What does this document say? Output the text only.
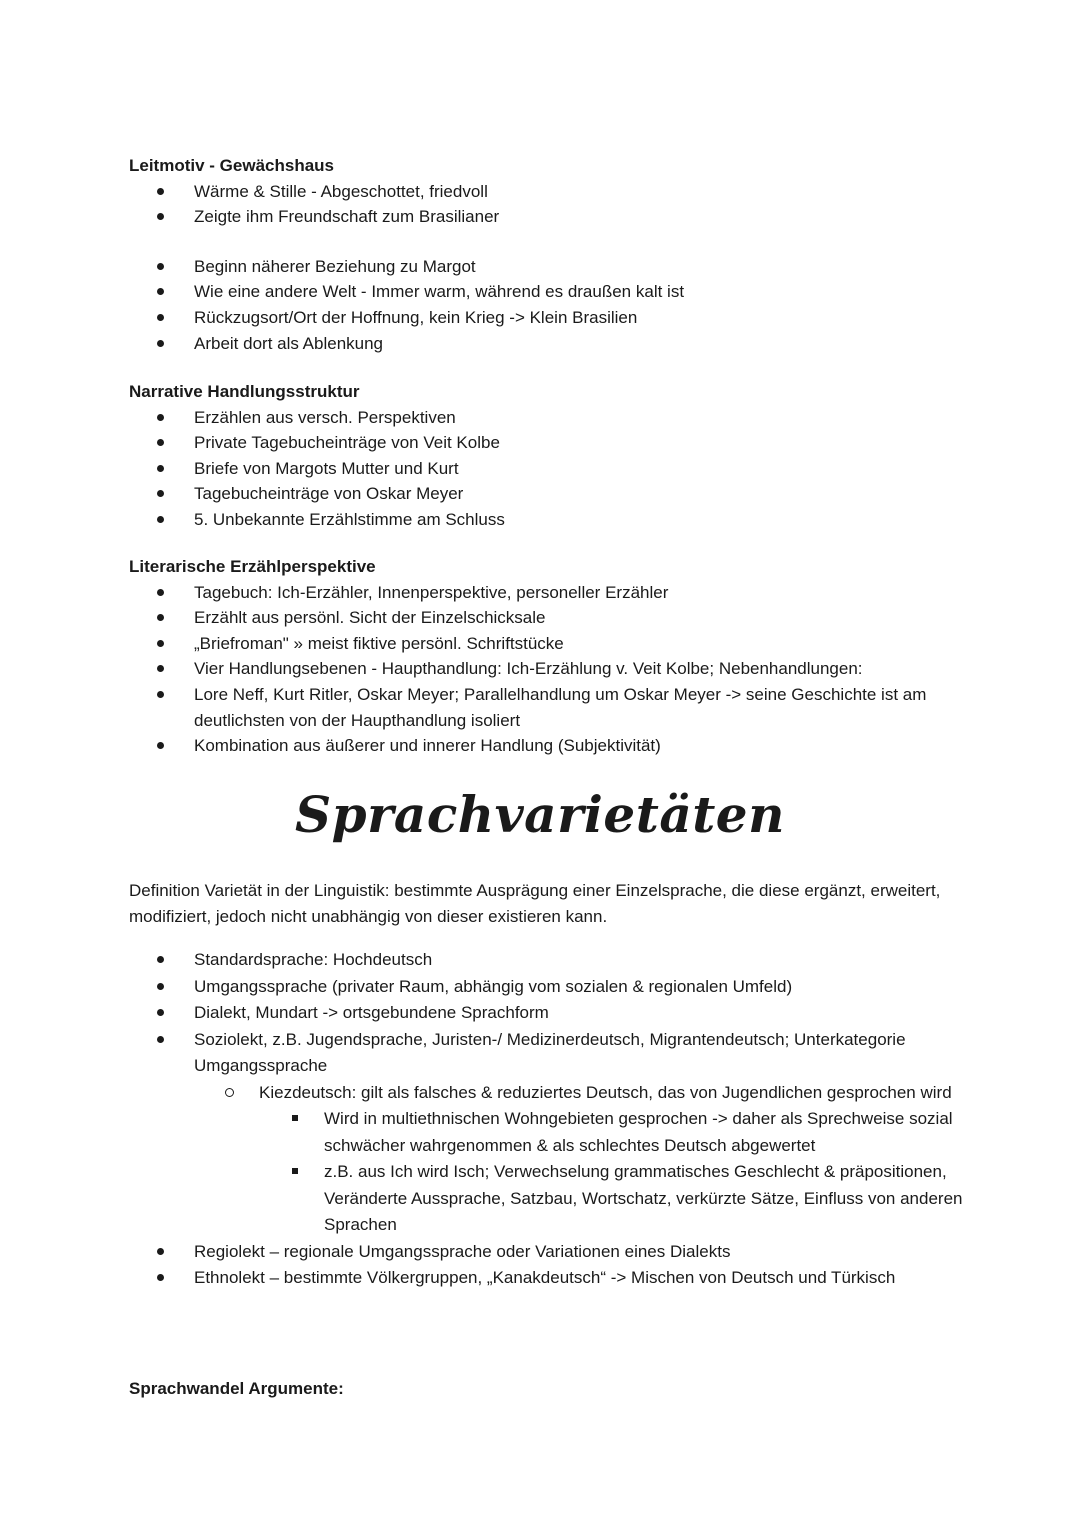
Leitmotiv - Gewächshaus

Wärme & Stille - Abgeschottet, friedvoll
Zeigte ihm Freundschaft zum Brasilianer
Beginn näherer Beziehung zu Margot
Wie eine andere Welt - Immer warm, während es draußen kalt ist
Rückzugsort/Ort der Hoffnung, kein Krieg -> Klein Brasilien
Arbeit dort als Ablenkung

Narrative Handlungsstruktur

Erzählen aus versch. Perspektiven
Private Tagebucheinträge von Veit Kolbe
Briefe von Margots Mutter und Kurt
Tagebucheinträge von Oskar Meyer
5. Unbekannte Erzählstimme am Schluss

Literarische Erzählperspektive

Tagebuch: Ich-Erzähler, Innenperspektive, personeller Erzähler
Erzählt aus persönl. Sicht der Einzelschicksale
„Briefroman" » meist fiktive persönl. Schriftstücke
Vier Handlungsebenen - Haupthandlung: Ich-Erzählung v. Veit Kolbe; Nebenhandlungen:
Lore Neff, Kurt Ritler, Oskar Meyer; Parallelhandlung um Oskar Meyer -> seine Geschichte ist am deutlichsten von der Haupthandlung isoliert
Kombination aus äußerer und innerer Handlung (Subjektivität)
Sprachvarietäten

Definition Varietät in der Linguistik: bestimmte Ausprägung einer Einzelsprache, die diese ergänzt, erweitert, modifiziert, jedoch nicht unabhängig von dieser existieren kann.

Standardsprache: Hochdeutsch
Umgangssprache (privater Raum, abhängig vom sozialen & regionalen Umfeld)
Dialekt, Mundart -> ortsgebundene Sprachform
Soziolekt, z.B. Jugendsprache, Juristen-/ Medizinerdeutsch, Migrantendeutsch; Unterkategorie Umgangssprache
Kiezdeutsch: gilt als falsches & reduziertes Deutsch, das von Jugendlichen gesprochen wird
Wird in multiethnischen Wohngebieten gesprochen -> daher als Sprechweise sozial schwächer wahrgenommen & als schlechtes Deutsch abgewertet
z.B. aus Ich wird Isch; Verwechselung grammatisches Geschlecht & präpositionen, Veränderte Aussprache, Satzbau, Wortschatz, verkürzte Sätze, Einfluss von anderen Sprachen
Regiolekt – regionale Umgangssprache oder Variationen eines Dialekts
Ethnolekt – bestimmte Völkergruppen, „Kanakdeutsch“ -> Mischen von Deutsch und Türkisch

Sprachwandel Argumente:
